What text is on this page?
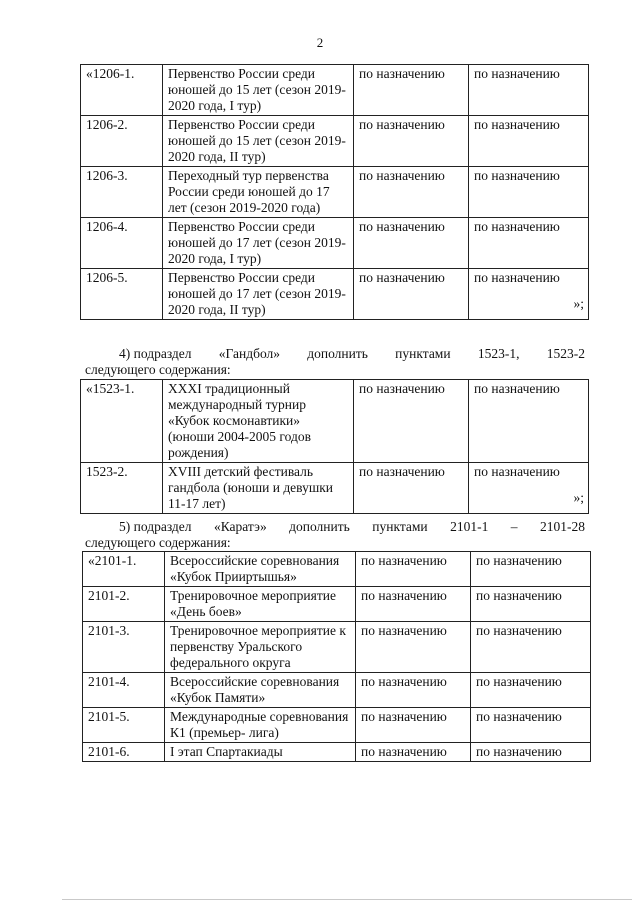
2
«1206-1.	Первенство России среди юношей до 15 лет (сезон 2019-2020 года, I тур)	по назначению	по назначению
1206-2.	Первенство России среди юношей до 15 лет (сезон 2019-2020 года, II тур)	по назначению	по назначению
1206-3.	Переходный тур первенства России среди юношей до 17 лет (сезон 2019-2020 года)	по назначению	по назначению
1206-4.	Первенство России среди юношей до 17 лет (сезон 2019-2020 года, I тур)	по назначению	по назначению
1206-5.	Первенство России среди юношей до 17 лет (сезон 2019-2020 года, II тур)	по назначению	по назначению
»;
4) подраздел «Гандбол» дополнить пунктами 1523-1, 1523-2
следующего содержания:
«1523-1.	XXXI традиционный международный турнир «Кубок космонавтики» (юноши 2004-2005 годов рождения)	по назначению	по назначению
1523-2.	XVIII детский фестиваль гандбола (юноши и девушки 11-17 лет)	по назначению	по назначению
»;
5) подраздел «Каратэ» дополнить пунктами 2101-1 – 2101-28
следующего содержания:
«2101-1.	Всероссийские соревнования «Кубок Прииртышья»	по назначению	по назначению
2101-2.	Тренировочное мероприятие «День боев»	по назначению	по назначению
2101-3.	Тренировочное мероприятие к первенству Уральского федерального округа	по назначению	по назначению
2101-4.	Всероссийские соревнования «Кубок Памяти»	по назначению	по назначению
2101-5.	Международные соревнования К1 (премьер- лига)	по назначению	по назначению
2101-6.	I этап Спартакиады	по назначению	по назначению
